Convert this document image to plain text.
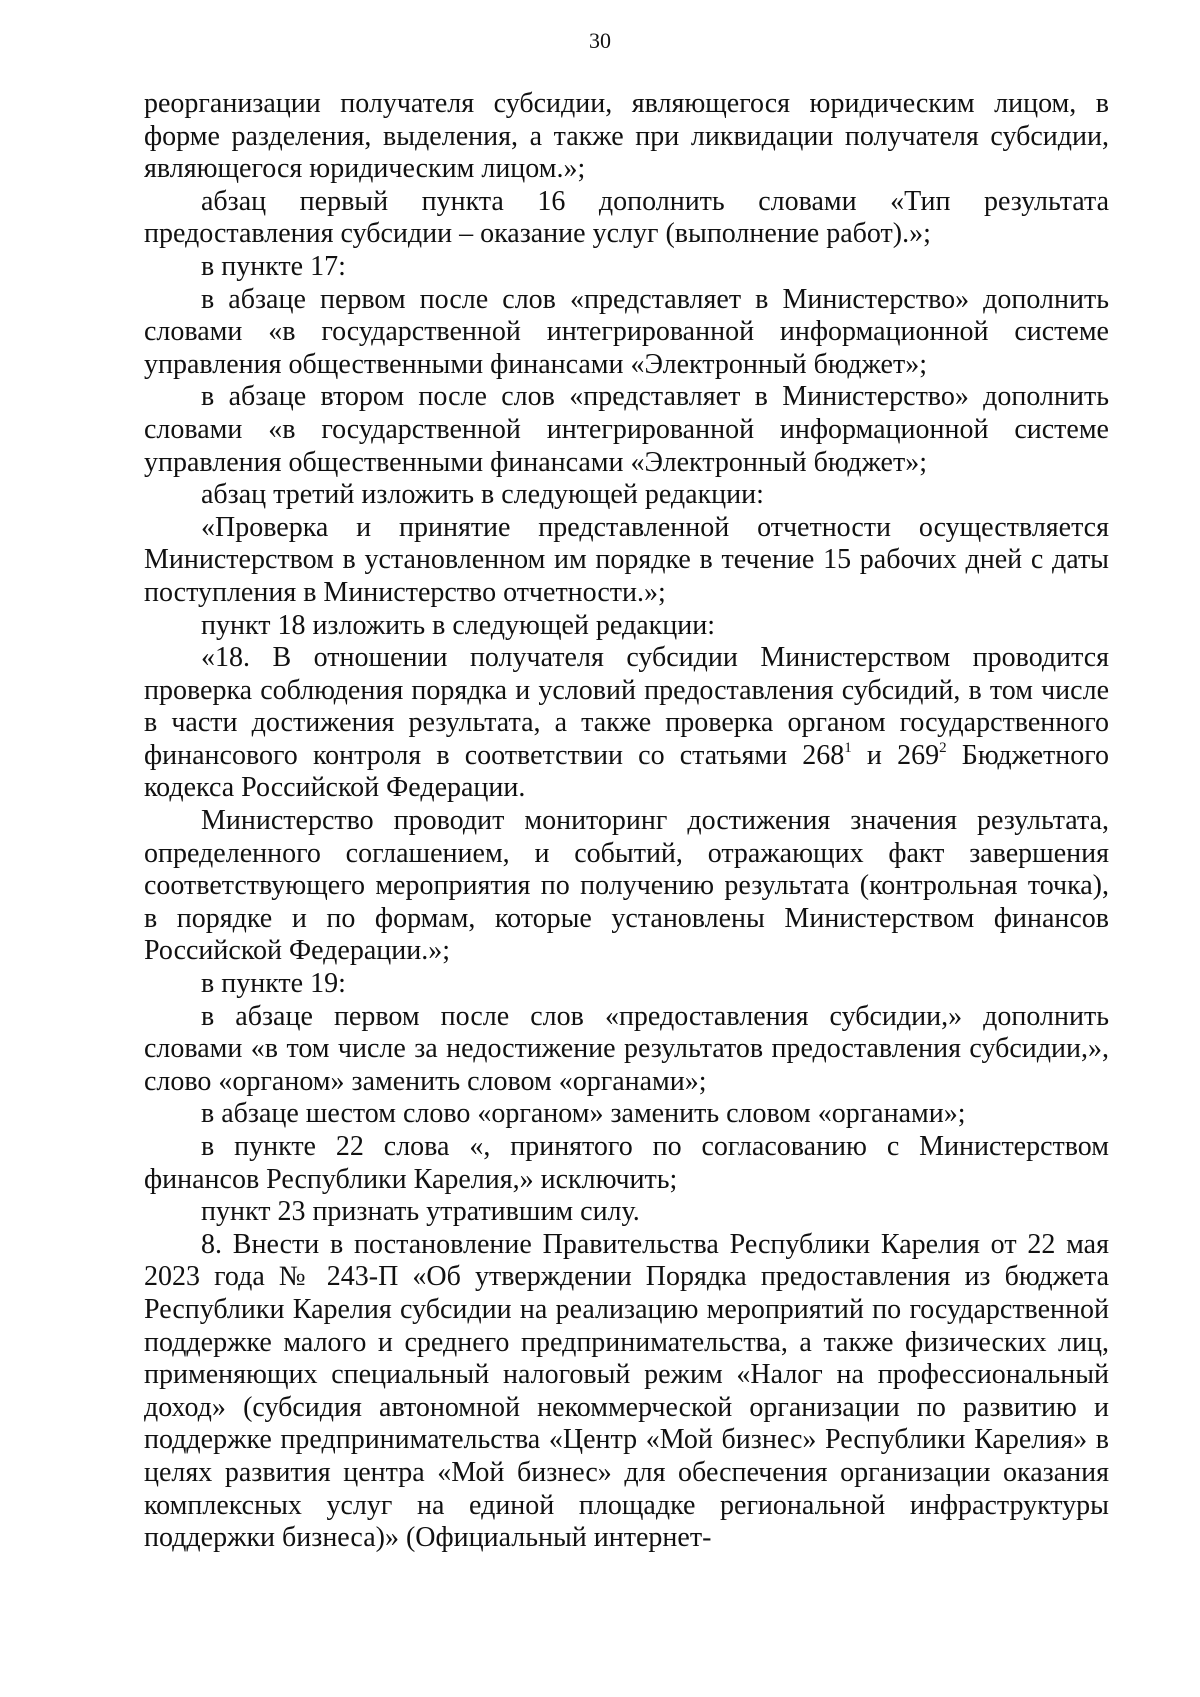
30

реорганизации получателя субсидии, являющегося юридическим лицом, в форме разделения, выделения, а также при ликвидации получателя субсидии, являющегося юридическим лицом.»;

абзац первый пункта 16 дополнить словами «Тип результата предоставления субсидии – оказание услуг (выполнение работ).»;

в пункте 17:

в абзаце первом после слов «представляет в Министерство» дополнить словами «в государственной интегрированной информационной системе управления общественными финансами «Электронный бюджет»;

в абзаце втором после слов «представляет в Министерство» дополнить словами «в государственной интегрированной информационной системе управления общественными финансами «Электронный бюджет»;

абзац третий изложить в следующей редакции:

«Проверка и принятие представленной отчетности осуществляется Министерством в установленном им порядке в течение 15 рабочих дней с даты поступления в Министерство отчетности.»;

пункт 18 изложить в следующей редакции:

«18. В отношении получателя субсидии Министерством проводится проверка соблюдения порядка и условий предоставления субсидий, в том числе в части достижения результата, а также проверка органом государственного финансового контроля в соответствии со статьями $268^1$ и $269^2$ Бюджетного кодекса Российской Федерации.

Министерство проводит мониторинг достижения значения результата, определенного соглашением, и событий, отражающих факт завершения соответствующего мероприятия по получению результата (контрольная точка), в порядке и по формам, которые установлены Министерством финансов Российской Федерации.»;

в пункте 19:

в абзаце первом после слов «предоставления субсидии,» дополнить словами «в том числе за недостижение результатов предоставления субсидии,», слово «органом» заменить словом «органами»;

в абзаце шестом слово «органом» заменить словом «органами»;

в пункте 22 слова «, принятого по согласованию с Министерством финансов Республики Карелия,» исключить;

пункт 23 признать утратившим силу.

8. Внести в постановление Правительства Республики Карелия от 22 мая 2023 года № 243-П «Об утверждении Порядка предоставления из бюджета Республики Карелия субсидии на реализацию мероприятий по государственной поддержке малого и среднего предпринимательства, а также физических лиц, применяющих специальный налоговый режим «Налог на профессиональный доход» (субсидия автономной некоммерческой организации по развитию и поддержке предпринимательства «Центр «Мой бизнес» Республики Карелия» в целях развития центра «Мой бизнес» для обеспечения организации оказания комплексных услуг на единой площадке региональной инфраструктуры поддержки бизнеса)» (Официальный интернет-
